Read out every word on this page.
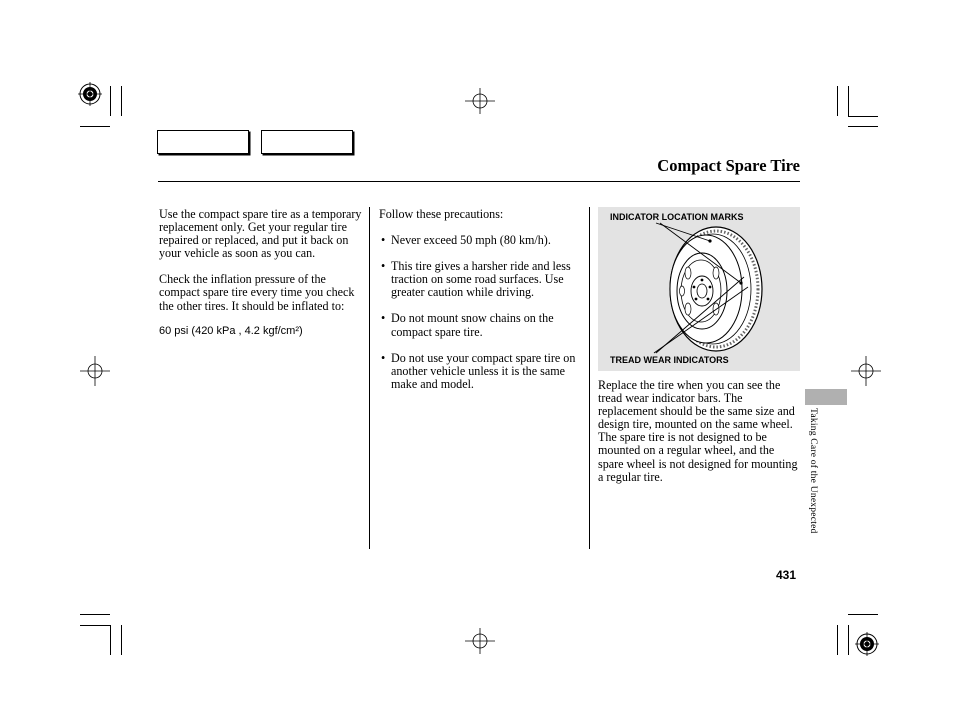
Compact Spare Tire
Use the compact spare tire as a temporary replacement only. Get your regular tire repaired or replaced, and put it back on your vehicle as soon as you can.
Check the inflation pressure of the compact spare tire every time you check the other tires. It should be inflated to:
60 psi (420 kPa , 4.2 kgf/cm²)
Follow these precautions:
• Never exceed 50 mph (80 km/h).
• This tire gives a harsher ride and less traction on some road surfaces. Use greater caution while driving.
• Do not mount snow chains on the compact spare tire.
• Do not use your compact spare tire on another vehicle unless it is the same make and model.
INDICATOR LOCATION MARKS
TREAD WEAR INDICATORS
Replace the tire when you can see the tread wear indicator bars. The replacement should be the same size and design tire, mounted on the same wheel. The spare tire is not designed to be mounted on a regular wheel, and the spare wheel is not designed for mounting a regular tire.	Taking Care of the Unexpected
431
